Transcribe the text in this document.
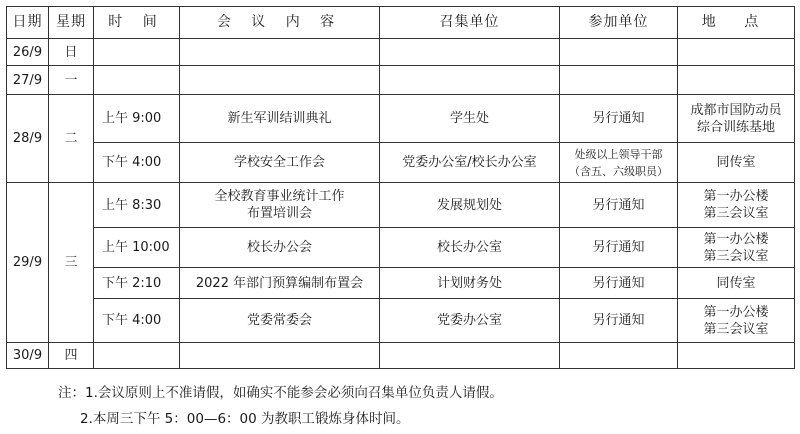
日期	星期	时 间	会 议 内 容	召集单位	参加单位	地 点
26/9	日					
27/9	一					
28/9	二	上午 9:00	新生军训结训典礼	学生处	另行通知	成都市国防动员
综合训练基地

		下午 4:00	学校安全工作会	党委办公室/校长办公室	处级以上领导干部
（含五、六级职员）	同传室

29/9	三	上午 8:30	全校教育事业统计工作
布置培训会	发展规划处	另行通知	第一办公楼
第三会议室

		上午 10:00	校长办公会	校长办公室	另行通知	第一办公楼
第三会议室

		下午 2:10	2022 年部门预算编制布置会	计划财务处	另行通知	同传室

		下午 4:00	党委常委会	党委办公室	另行通知	第一办公楼
第三会议室

30/9	四					
注：1.会议原则上不准请假，如确实不能参会必须向召集单位负责人请假。
2.本周三下午 5：00—6：00 为教职工锻炼身体时间。
